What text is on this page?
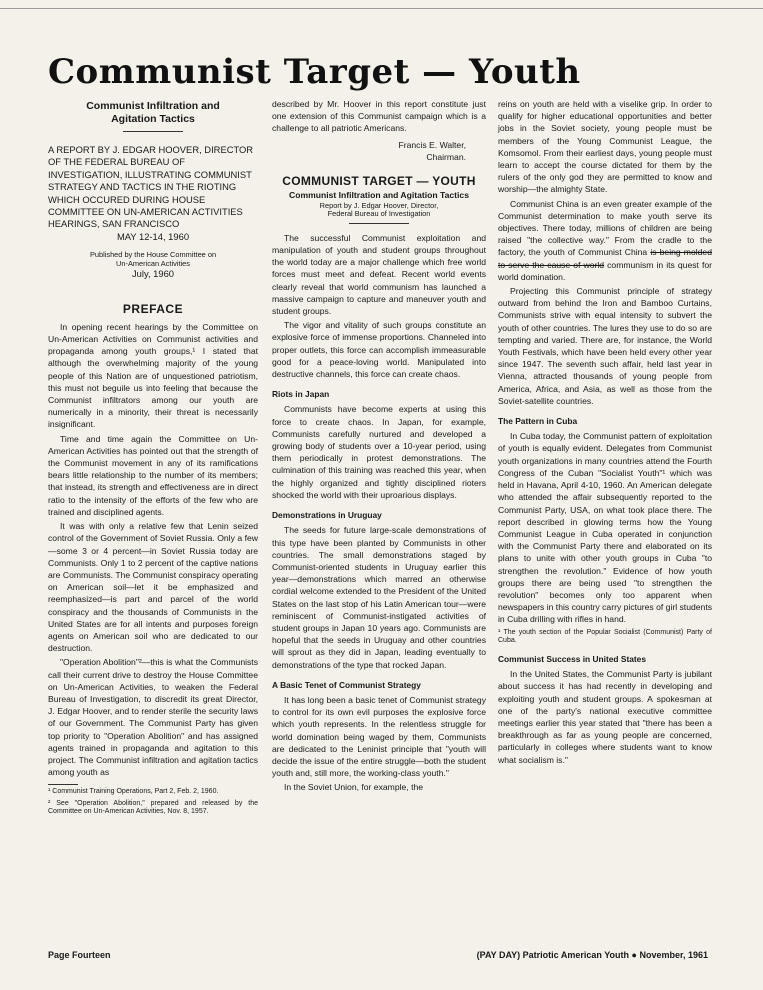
Communist Target — Youth
Communist Infiltration and
Agitation Tactics
A REPORT BY J. EDGAR HOOVER, DIRECTOR OF THE FEDERAL BUREAU OF INVESTIGATION, ILLUSTRATING COMMUNIST STRATEGY AND TACTICS IN THE RIOTING WHICH OCCURED DURING HOUSE COMMITTEE ON UN-AMERICAN ACTIVITIES HEARINGS, SAN FRANCISCO
MAY 12-14, 1960
Published by the House Committee on
Un-American Activities
July, 1960
PREFACE

In opening recent hearings by the Committee on Un-American Activities on Communist activities and propaganda among youth groups,¹ I stated that although the overwhelming majority of the young people of this Nation are of unquestioned patriotism, this must not beguile us into feeling that because the Communist infiltrators among our youth are numerically in a minority, their threat is necessarily insignificant.

Time and time again the Committee on Un-American Activities has pointed out that the strength of the Communist movement in any of its ramifications bears little relationship to the number of its members; that instead, its strength and effectiveness are in direct ratio to the intensity of the efforts of the few who are trained and disciplined agents.

It was with only a relative few that Lenin seized control of the Government of Soviet Russia. Only a few—some 3 or 4 percent—in Soviet Russia today are Communists. Only 1 to 2 percent of the captive nations are Communists. The Communist conspiracy operating on American soil—let it be emphasized and reemphasized—is part and parcel of the world conspiracy and the thousands of Communists in the United States are for all intents and purposes foreign agents on American soil who are dedicated to our destruction.

"Operation Abolition"²—this is what the Communists call their current drive to destroy the House Committee on Un-American Activities, to weaken the Federal Bureau of Investigation, to discredit its great Director, J. Edgar Hoover, and to render sterile the security laws of our Government. The Communist Party has given top priority to "Operation Abolition" and has assigned agents trained in propaganda and agitation to this project. The Communist infiltration and agitation tactics among youth as

¹ Communist Training Operations, Part 2, Feb. 2, 1960.

² See "Operation Abolition," prepared and released by the Committee on Un-American Activities, Nov. 8, 1957.

described by Mr. Hoover in this report constitute just one extension of this Communist campaign which is a challenge to all patriotic Americans.

Francis E. Walter,
Chairman.
COMMUNIST TARGET — YOUTH
Communist Infiltration and Agitation Tactics
Report by J. Edgar Hoover, Director,
Federal Bureau of Investigation

The successful Communist exploitation and manipulation of youth and student groups throughout the world today are a major challenge which free world forces must meet and defeat. Recent world events clearly reveal that world communism has launched a massive campaign to capture and maneuver youth and student groups.

The vigor and vitality of such groups constitute an explosive force of immense proportions. Channeled into proper outlets, this force can accomplish immeasurable good for a peace-loving world. Manipulated into destructive channels, this force can create chaos.

Riots in Japan

Communists have become experts at using this force to create chaos. In Japan, for example, Communists carefully nurtured and developed a growing body of students over a 10-year period, using them periodically in protest demonstrations. The culmination of this training was reached this year, when the highly organized and tightly disciplined rioters shocked the world with their uproarious displays.

Demonstrations in Uruguay

The seeds for future large-scale demonstrations of this type have been planted by Communists in other countries. The small demonstrations staged by Communist-oriented students in Uruguay earlier this year—demonstrations which marred an otherwise cordial welcome extended to the President of the United States on the last stop of his Latin American tour—were reminiscent of Communist-instigated activities of student groups in Japan 10 years ago. Communists are hopeful that the seeds in Uruguay and other countries will sprout as they did in Japan, leading eventually to demonstrations of the type that rocked Japan.

A Basic Tenet of Communist Strategy

It has long been a basic tenet of Communist strategy to control for its own evil purposes the explosive force which youth represents. In the relentless struggle for world domination being waged by them, Communists are dedicated to the Leninist principle that "youth will decide the issue of the entire struggle—both the student youth and, still more, the working-class youth."

In the Soviet Union, for example, the

reins on youth are held with a viselike grip. In order to qualify for higher educational opportunities and better jobs in the Soviet society, young people must be members of the Young Communist League, the Komsomol. From their earliest days, young people must learn to accept the course dictated for them by the rulers of the only god they are permitted to know and worship—the almighty State.

Communist China is an even greater example of the Communist determination to make youth serve its objectives. There today, millions of children are being raised "the collective way." From the cradle to the factory, the youth of Communist China is being molded to serve the cause of world communism in its quest for world domination.

Projecting this Communist principle of strategy outward from behind the Iron and Bamboo Curtains, Communists strive with equal intensity to subvert the youth of other countries. The lures they use to do so are tempting and varied. There are, for instance, the World Youth Festivals, which have been held every other year since 1947. The seventh such affair, held last year in Vienna, attracted thousands of young people from America, Africa, and Asia, as well as those from the Soviet-satellite countries.

The Pattern in Cuba

In Cuba today, the Communist pattern of exploitation of youth is equally evident. Delegates from Communist youth organizations in many countries attend the Fourth Congress of the Cuban "Socialist Youth"¹ which was held in Havana, April 4-10, 1960. An American delegate who attended the affair subsequently reported to the Communist Party, USA, on what took place there. The report described in glowing terms how the Young Communist League in Cuba operated in conjunction with the Communist Party there and elaborated on its plans to unite with other youth groups in Cuba "to strengthen the revolution." Evidence of how youth groups there are being used "to strengthen the revolution" becomes only too apparent when newspapers in this country carry pictures of girl students in Cuba drilling with rifles in hand.

¹ The youth section of the Popular Socialist (Communist) Party of Cuba.

Communist Success in United States

In the United States, the Communist Party is jubilant about success it has had recently in developing and exploiting youth and student groups. A spokesman at one of the party's national executive committee meetings earlier this year stated that "there has been a breakthrough as far as young people are concerned, particularly in colleges where students want to know what socialism is."

Page Fourteen	(PAY DAY) Patriotic American Youth ● November, 1961
